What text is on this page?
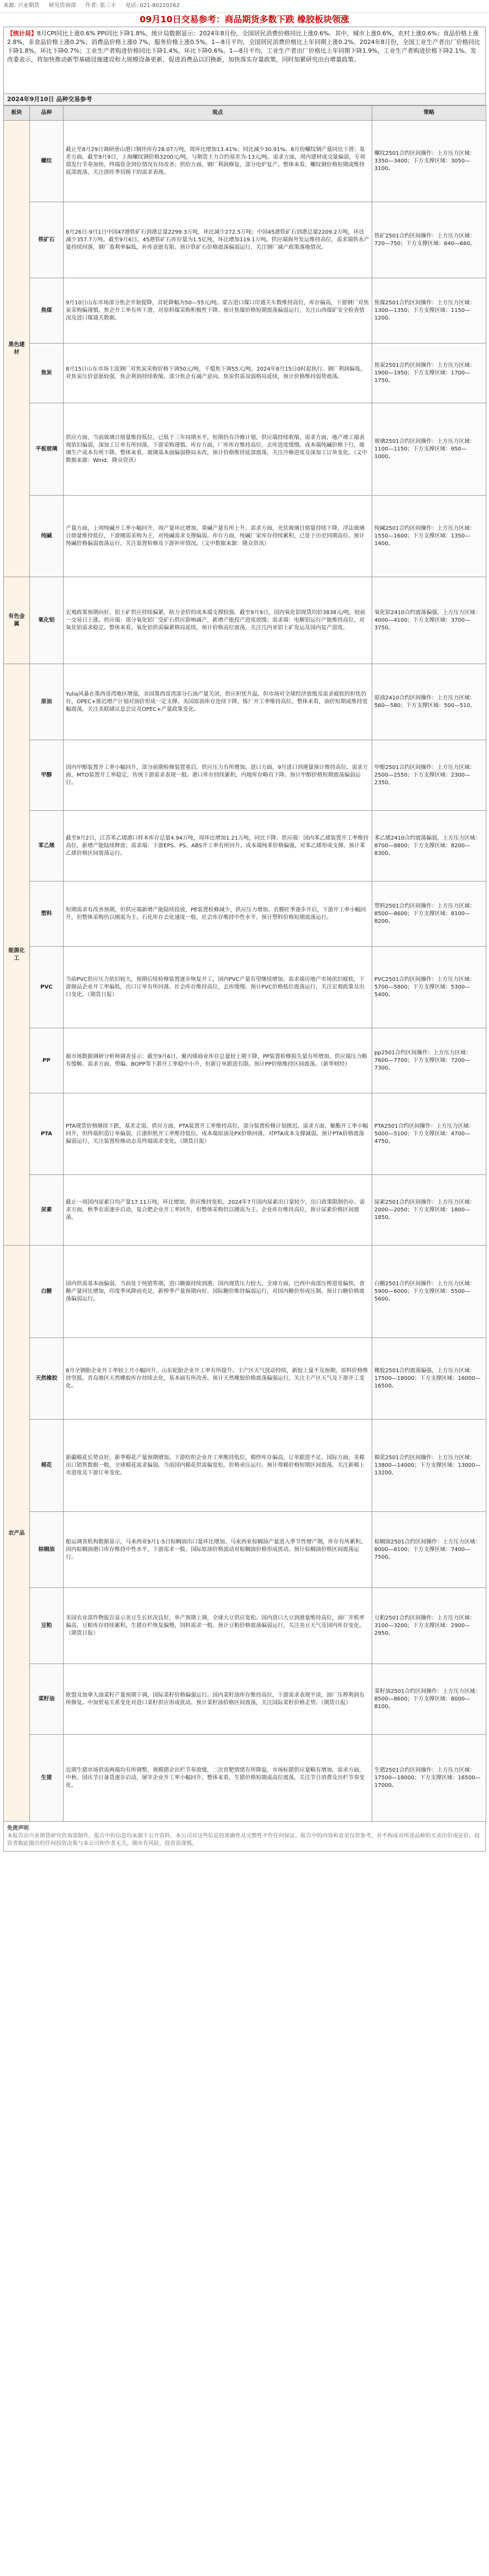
来源: 兴业期货 研究咨询部 作者: 张三丰 电话: 021-80220262
09月10日交易参考：商品期货多数下跌 橡胶板块领涨
【统计局】8月CPI同比上涨0.6% PPI同比下降1.8%。统计局数据显示：2024年8月份，全国居民消费价格同比上涨0.6%。其中，城市上涨0.6%，农村上涨0.6%；食品价格上涨2.8%，非食品价格上涨0.2%；消费品价格上涨0.7%，服务价格上涨0.5%。1—8月平均，全国居民消费价格比上年同期上涨0.2%。2024年8月份，全国工业生产者出厂价格同比下降1.8%，环比下降0.7%；工业生产者购进价格同比下降1.4%，环比下降0.6%。1—8月平均，工业生产者出厂价格比上年同期下降1.9%，工业生产者购进价格下降2.1%。发改委表示，将加快推动新型基础设施建设和大规模设备更新，促进消费品以旧换新，加快落实存量政策，同时加紧研究出台增量政策。
2024年9月10日 品种交易参考
板块	品种	观点	策略
黑色建材	螺纹	截止至8月29日调研唐山港口钢坯库存28.07万吨，周环比增加13.41%；同比减少30.91%。8月份螺纹钢产量同比下滑；基差方面，截至9月9日，上海螺纹钢价格3200元/吨，与期货主力合约基差为-13元/吨。需求方面，周内建材成交量偏弱，专项债发行节奏加快，终端资金到位情况有待改善；供给方面，钢厂利润修复，部分电炉复产。整体来看，螺纹钢价格短期或维持底部震荡，关注淡旺季切换下的需求表现。	螺纹2501合约区间操作：上方压力区域：3350—3400；下方支撑区域：3050—3100。
	铁矿石	8月26日-9月1日中国47港铁矿石到港总量2299.3万吨，环比减少272.5万吨；中国45港铁矿石到港总量2209.2万吨，环比减少357.7万吨。截至9月6日，45港铁矿石库存量为1.5亿吨，环比增加119.1万吨。供应端海外发运维持高位，需求端铁水产量持续回落，钢厂盈利率偏低，补库意愿有限。预计铁矿石价格震荡偏弱运行，关注钢厂减产政策落地情况。	铁矿2501合约区间操作：上方压力区域：720—750；下方支撑区域：640—660。
	焦煤	9月10日山东市场部分焦企开始提降，首轮降幅为50—55元/吨。蒙古进口煤口岸通关车数维持高位，库存偏高，下游钢厂对焦炭采购偏谨慎，焦企开工率有所下滑，对原料煤采购积极性下降。预计焦煤价格短期震荡偏弱运行，关注山西煤矿安全检查情况及进口煤通关数据。	焦煤2501合约区间操作：上方压力区域：1300—1350；下方支撑区域：1150—1200。
	焦炭	8月15日山东市场主流钢厂对焦炭采购价格下调50元/吨，干熄焦下调55元/吨，2024年8月15日0时起执行。钢厂利润偏低，对焦炭压价意愿较强，焦企利润持续收缩，部分焦企有减产意向。焦炭供需双弱格局延续，预计价格维持弱势震荡。	焦炭2501合约区间操作：上方压力区域：1900—1950；下方支撑区域：1700—1750。
	平板玻璃	供应方面，当前玻璃日熔量维持低位，已低于三年同期水平，短期仍有冷修计划，供应端持续收缩。需求方面，地产竣工端表现依旧偏弱，深加工订单有所回落，下游采购谨慎。库存方面，厂库库存维持高位，去库进度缓慢。成本端纯碱价格下行，玻璃生产成本有所下降。整体来看，玻璃基本面偏弱格局未改，预计价格维持底部震荡，关注冷修进度及深加工订单变化。（文中数据来源：Wind，隆众资讯）	玻璃2501合约区间操作：上方压力区域：1100—1150；下方支撑区域：950—1000。
	纯碱	产量方面，上周纯碱开工率小幅回升，周产量环比增加，重碱产量有所上升。需求方面，光伏玻璃日熔量持续下降，浮法玻璃日熔量维持低位，下游刚需采购为主，对纯碱需求支撑偏弱。库存方面，纯碱厂家库存持续累积，已处于历史同期高位。预计纯碱价格偏弱震荡运行，关注装置检修及下游补库情况。（文中数据来源：隆众资讯）	纯碱2501合约区间操作：上方压力区域：1550—1600；下方支撑区域：1350—1400。
有色金属	氧化铝	宏观政策预期向好，铝土矿供应持续偏紧，助力金价的成本端支撑较强。截至9月9日，国内氧化铝现货均价3838元/吨，较前一交易日上涨。供应端：部分氧化铝厂受矿石供应影响减产，新增产能投产进度放缓；需求端：电解铝运行产能维持高位，对氧化铝需求稳定。整体来看，氧化铝供需偏紧格局延续，预计价格高位震荡，关注几内亚铝土矿发运及国内复产进度。	氧化铝2410合约震荡偏强，上方压力区域：4000—4100；下方支撑区域：3700—3750。
能源化工	原油	Yulia风暴在墨西哥湾地区增强，美国墨西哥湾部分石油产量关闭，供应担忧升温。但市场对全球经济放缓及需求疲软的担忧仍存，OPEC+推迟增产计划对油价形成一定支撑。美国原油库存连续下降，炼厂开工率维持高位。整体来看，油价短期或维持宽幅震荡，关注美联储议息会议及OPEC+产量政策变化。	原油2410合约区间操作：上方压力区域：560—580；下方支撑区域：500—510。
	甲醇	国内甲醇装置开工率小幅回升，部分前期检修装置重启，供应压力有所增加。进口方面，9月进口到港量预计维持高位。需求方面，MTO装置开工率稳定，传统下游需求表现一般。港口库存持续累积，内地库存略有下降。预计甲醇价格短期震荡偏弱运行。	甲醇2501合约区间操作：上方压力区域：2500—2550；下方支撑区域：2300—2350。
	苯乙烯	截至9月2日，江苏苯乙烯港口样本库存总量4.94万吨，周环比增加1.21万吨，同比下降。供应端：国内苯乙烯装置开工率维持高位，新增产能陆续释放；需求端：下游EPS、PS、ABS开工率有所回升。成本端纯苯价格偏强，对苯乙烯形成支撑。预计苯乙烯价格区间震荡运行。	苯乙烯2410合约震荡偏弱，上方压力区域：8700—8800；下方支撑区域：8200—8300。
	塑料	短期需求有改善预期，但供应端新增产能陆续投放，PE装置检修减少，供应压力增加。农膜旺季逐步开启，下游开工率小幅回升，但整体采购仍以刚需为主。石化库存去化速度一般，社会库存维持中性水平。预计塑料价格短期震荡运行。	塑料2501合约区间操作：上方压力区域：8500—8600；下方支撑区域：8100—8200。
	PVC	当前PVC供应压力依旧较大，预期后续检修装置逐步恢复开工，国内PVC产量有望继续增加。需求端房地产市场依旧疲软，下游制品企业开工率偏低，出口订单有所回落。社会库存维持高位，去库缓慢。预计PVC价格低位震荡运行，关注宏观政策及出口变化。（期货日报）	PVC2501合约区间操作：上方压力区域：5700—5800；下方支撑区域：5300—5400。
	PP	据市场数据调研分析师调查显示：截至9月6日，聚丙烯商业库存总量较上期下降，PP装置检修损失量有所增加，供应端压力略有缓解。需求方面，塑编、BOPP等下游开工率稳中小升，但新订单跟进有限。预计PP价格维持区间震荡。（新华财经）	pp2501合约区间操作：上方压力区域：7600—7700；下方支撑区域：7200—7300。
	PTA	PTA现货价格继续下跌，基差走弱。供应方面，PTA装置开工率维持高位，部分装置检修计划推迟。需求方面，聚酯开工率小幅回升，但终端织造订单偏弱，江浙织机开工率维持低位。成本端原油及PX价格回落，对PTA成本支撑减弱。预计PTA价格震荡偏弱运行，关注装置检修动态及终端需求变化。（期货日报）	PTA2501合约区间操作：上方压力区域：5000—5100；下方支撑区域：4700—4750。
	尿素	截止一周国内尿素日均产量17.11万吨，环比增加，供应维持宽松。2024年7月国内尿素出口量较少，出口政策限制仍存。需求方面，秋季农需逐步启动，复合肥企业开工率回升，但整体采购仍以刚需为主。企业库存维持高位，预计尿素价格区间震荡。	尿素2501合约区间操作：上方压力区域：2000—2050；下方支撑区域：1800—1850。
农产品	白糖	国内供需基本面偏弱，当前处于纯销售期，进口糖源持续到港，国内现货压力较大。全球方面，巴西中南部压榨进度偏快，食糖产量同比增加，印度季风降雨充足，新榨季产量预期向好。国际糖价维持偏弱运行，对国内糖价形成压制。预计白糖价格震荡偏弱运行。	白糖2501合约区间操作：上方压力区域：5900—6000；下方支撑区域：5500—5600。
	天然橡胶	8月全钢胎企业开工率较上月小幅回升，山东轮胎企业开工率有所提升。主产区天气扰动持续，新胶上量不及预期，原料价格维持坚挺。青岛地区天然橡胶库存持续去化，基本面有所改善。预计天然橡胶价格震荡偏强运行，关注主产区天气及下游开工变化。	橡胶2501合约震荡偏强，上方压力区域：17500—18000；下方支撑区域：16000—16500。
	棉花	新疆棉花长势良好，新季棉花产量预期增加。下游纺织企业开工率维持低位，棉纱库存偏高，订单跟进不足。国际方面，美棉出口销售数据一般，全球棉花需求偏弱。当前国内棉花供需偏宽松，价格承压运行。预计郑棉价格短期区间震荡，关注新棉上市进度及下游订单变化。	棉花2501合约区间操作：上方压力区域：13800—14000；下方支撑区域：13000—13200。
	棕榈油	船运调查机构数据显示，马来西亚9月1-5日棕榈油出口量环比增加。马来西亚棕榈油产量进入季节性增产期，库存有所累积。国内棕榈油港口库存维持中性水平，下游需求一般。国际原油价格波动对棕榈油价格形成扰动。预计棕榈油价格区间震荡运行。	棕榈油2501合约区间操作：上方压力区域：8000—8100；下方支撑区域：7400—7500。
	豆粕	美国农业部作物报告显示美豆生长状况良好，单产预期上调，全球大豆供应宽松。国内进口大豆到港量维持高位，油厂开机率偏高，豆粕库存持续累积。生猪存栏恢复偏慢，饲料需求一般。预计豆粕价格震荡偏弱运行，关注美豆天气及国内库存变化。（期货日报）	豆粕2501合约区间操作：上方压力区域：3100—3200；下方支撑区域：2900—2950。
	菜籽油	欧盟及加拿大油菜籽产量预期下调，国际菜籽价格偏强运行。国内菜籽油库存维持高位，下游需求表现平淡，油厂压榨利润有所修复。中加贸易关系变化对进口菜籽供应形成扰动。预计菜籽油价格区间震荡，关注国际菜籽价格走势。（期货日报）	菜籽油2501合约区间操作：上方压力区域：8500—8600；下方支撑区域：8000—8100。
	生猪	近期生猪市场供需两端均有所调整，规模猪企出栏节奏放缓，二次育肥情绪有所降温，市场标猪供应量略有增加。需求方面，中秋、国庆节日备货逐步启动，屠宰企业开工率小幅回升。整体来看，生猪价格短期或高位震荡，关注节日消费及出栏节奏变化。	生猪2501合约区间操作：上方压力区域：17500—18000；下方支撑区域：16500—17000。
免责声明
本报告由兴业期货研究咨询部制作，报告中的信息均来源于公开资料，本公司对这些信息的准确性及完整性不作任何保证。报告中的内容和意见仅供参考，并不构成对所述品种的买卖出价或征价。投资者据此做出的任何投资决策与本公司和作者无关。期市有风险，投资需谨慎。
